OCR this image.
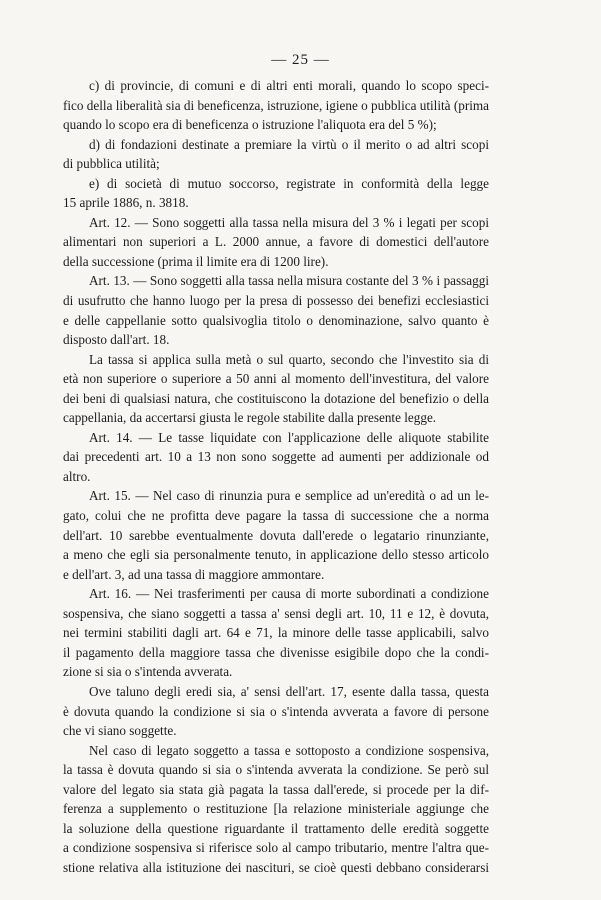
— 25 —
c) di provincie, di comuni e di altri enti morali, quando lo scopo speci-
fico della liberalità sia di beneficenza, istruzione, igiene o pubblica utilità (prima
quando lo scopo era di beneficenza o istruzione l'aliquota era del 5 %);
d) di fondazioni destinate a premiare la virtù o il merito o ad altri scopi
di pubblica utilità;
e) di società di mutuo soccorso, registrate in conformità della legge
15 aprile 1886, n. 3818.
Art. 12. — Sono soggetti alla tassa nella misura del 3 % i legati per scopi
alimentari non superiori a L. 2000 annue, a favore di domestici dell'autore
della successione (prima il limite era di 1200 lire).
Art. 13. — Sono soggetti alla tassa nella misura costante del 3 % i passaggi
di usufrutto che hanno luogo per la presa di possesso dei benefizi ecclesiastici
e delle cappellanie sotto qualsivoglia titolo o denominazione, salvo quanto è
disposto dall'art. 18.
La tassa si applica sulla metà o sul quarto, secondo che l'investito sia di
età non superiore o superiore a 50 anni al momento dell'investitura, del valore
dei beni di qualsiasi natura, che costituiscono la dotazione del benefizio o della
cappellania, da accertarsi giusta le regole stabilite dalla presente legge.
Art. 14. — Le tasse liquidate con l'applicazione delle aliquote stabilite
dai precedenti art. 10 a 13 non sono soggette ad aumenti per addizionale od
altro.
Art. 15. — Nel caso di rinunzia pura e semplice ad un'eredità o ad un le-
gato, colui che ne profitta deve pagare la tassa di successione che a norma
dell'art. 10 sarebbe eventualmente dovuta dall'erede o legatario rinunziante,
a meno che egli sia personalmente tenuto, in applicazione dello stesso articolo
e dell'art. 3, ad una tassa di maggiore ammontare.
Art. 16. — Nei trasferimenti per causa di morte subordinati a condizione
sospensiva, che siano soggetti a tassa a' sensi degli art. 10, 11 e 12, è dovuta,
nei termini stabiliti dagli art. 64 e 71, la minore delle tasse applicabili, salvo
il pagamento della maggiore tassa che divenisse esigibile dopo che la condi-
zione si sia o s'intenda avverata.
Ove taluno degli eredi sia, a' sensi dell'art. 17, esente dalla tassa, questa
è dovuta quando la condizione si sia o s'intenda avverata a favore di persone
che vi siano soggette.
Nel caso di legato soggetto a tassa e sottoposto a condizione sospensiva,
la tassa è dovuta quando si sia o s'intenda avverata la condizione. Se però sul
valore del legato sia stata già pagata la tassa dall'erede, si procede per la dif-
ferenza a supplemento o restituzione [la relazione ministeriale aggiunge che
la soluzione della questione riguardante il trattamento delle eredità soggette
a condizione sospensiva si riferisce solo al campo tributario, mentre l'altra que-
stione relativa alla istituzione dei nascituri, se cioè questi debbano considerarsi
